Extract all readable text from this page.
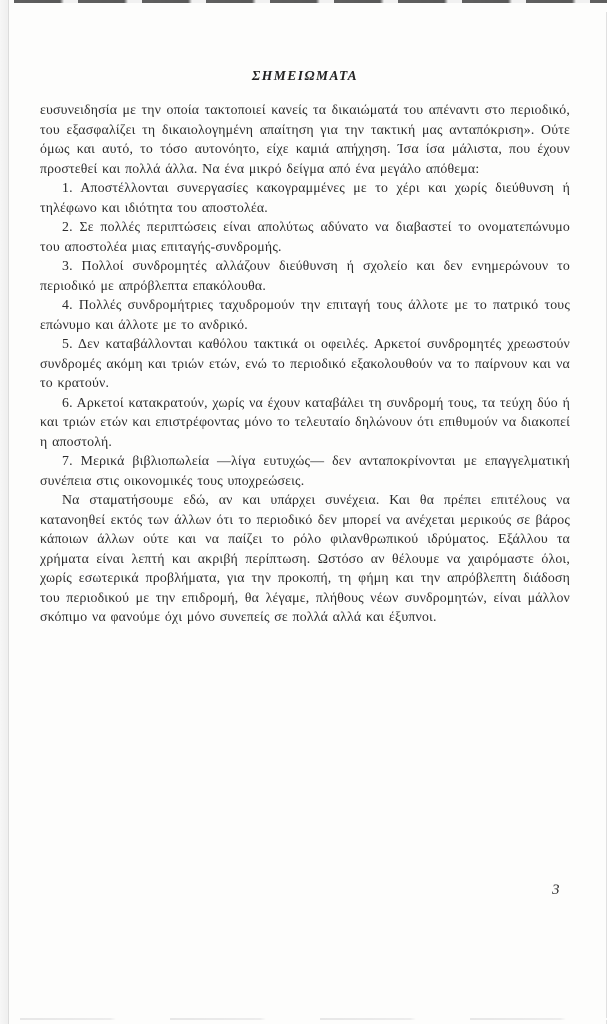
ΣΗΜΕΙΩΜΑΤΑ

ευσυνειδησία με την οποία τακτοποιεί κανείς τα δικαιώματά του απέναντι στο περιοδικό, του εξασφαλίζει τη δικαιολογημένη απαίτηση για την τακτική μας ανταπόκριση». Ούτε όμως και αυτό, το τόσο αυτονόητο, είχε καμιά απήχηση. Ίσα ίσα μάλιστα, που έχουν προστεθεί και πολλά άλλα. Να ένα μικρό δείγμα από ένα μεγάλο απόθεμα:

1. Αποστέλλονται συνεργασίες κακογραμμένες με το χέρι και χωρίς διεύθυνση ή τηλέφωνο και ιδιότητα του αποστολέα.

2. Σε πολλές περιπτώσεις είναι απολύτως αδύνατο να διαβαστεί το ονοματεπώνυμο του αποστολέα μιας επιταγής-συνδρομής.

3. Πολλοί συνδρομητές αλλάζουν διεύθυνση ή σχολείο και δεν ενημερώνουν το περιοδικό με απρόβλεπτα επακόλουθα.

4. Πολλές συνδρομήτριες ταχυδρομούν την επιταγή τους άλλοτε με το πατρικό τους επώνυμο και άλλοτε με το ανδρικό.

5. Δεν καταβάλλονται καθόλου τακτικά οι οφειλές. Αρκετοί συνδρομητές χρεωστούν συνδρομές ακόμη και τριών ετών, ενώ το περιοδικό εξακολουθούν να το παίρνουν και να το κρατούν.

6. Αρκετοί κατακρατούν, χωρίς να έχουν καταβάλει τη συνδρομή τους, τα τεύχη δύο ή και τριών ετών και επιστρέφοντας μόνο το τελευταίο δηλώνουν ότι επιθυμούν να διακοπεί η αποστολή.

7. Μερικά βιβλιοπωλεία —λίγα ευτυχώς— δεν ανταποκρίνονται με επαγγελματική συνέπεια στις οικονομικές τους υποχρεώσεις.

Να σταματήσουμε εδώ, αν και υπάρχει συνέχεια. Και θα πρέπει επιτέλους να κατανοηθεί εκτός των άλλων ότι το περιοδικό δεν μπορεί να ανέχεται μερικούς σε βάρος κάποιων άλλων ούτε και να παίζει το ρόλο φιλανθρωπικού ιδρύματος. Εξάλλου τα χρήματα είναι λεπτή και ακριβή περίπτωση. Ωστόσο αν θέλουμε να χαιρόμαστε όλοι, χωρίς εσωτερικά προβλήματα, για την προκοπή, τη φήμη και την απρόβλεπτη διάδοση του περιοδικού με την επιδρομή, θα λέγαμε, πλήθους νέων συνδρομητών, είναι μάλλον σκόπιμο να φανούμε όχι μόνο συνεπείς σε πολλά αλλά και έξυπνοι.

3
